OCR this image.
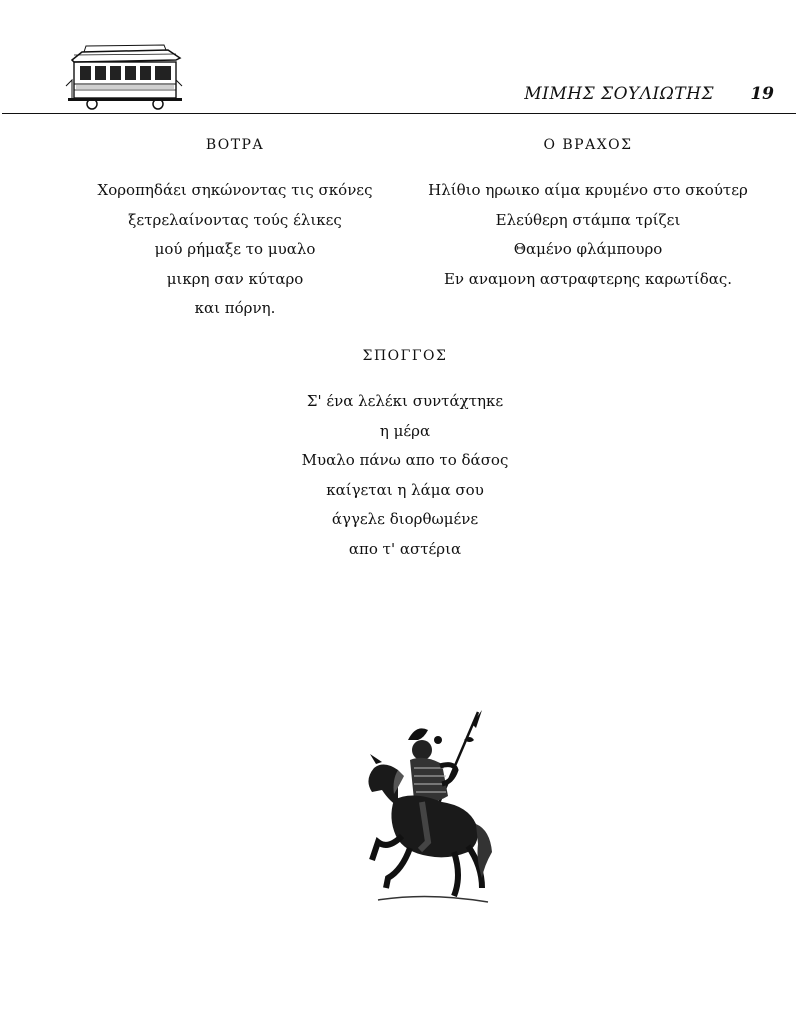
ΜΙΜΗΣ ΣΟΥΛΙΩΤΗΣ 19
ΒΟΤΡΑ
Χοροπηδάει σηκώνοντας τις σκόνες
ξετρελαίνοντας τούς έλικες
μού ρήμαξε το μυαλο
μικρη σαν κύταρο
και πόρνη.
Ο ΒΡΑΧΟΣ
Ηλίθιο ηρωικο αίμα κρυμένο στο σκούτερ
Ελεύθερη στάμπα τρίζει
Θαμένο φλάμπουρο
Εν αναμονη αστραφτερης καρωτίδας.
ΣΠΟΓΓΟΣ
Σ' ένα λελέκι συντάχτηκε
η μέρα
Μυαλο πάνω απο το δάσος
καίγεται η λάμα σου
άγγελε διορθωμένε
απο τ' αστέρια
